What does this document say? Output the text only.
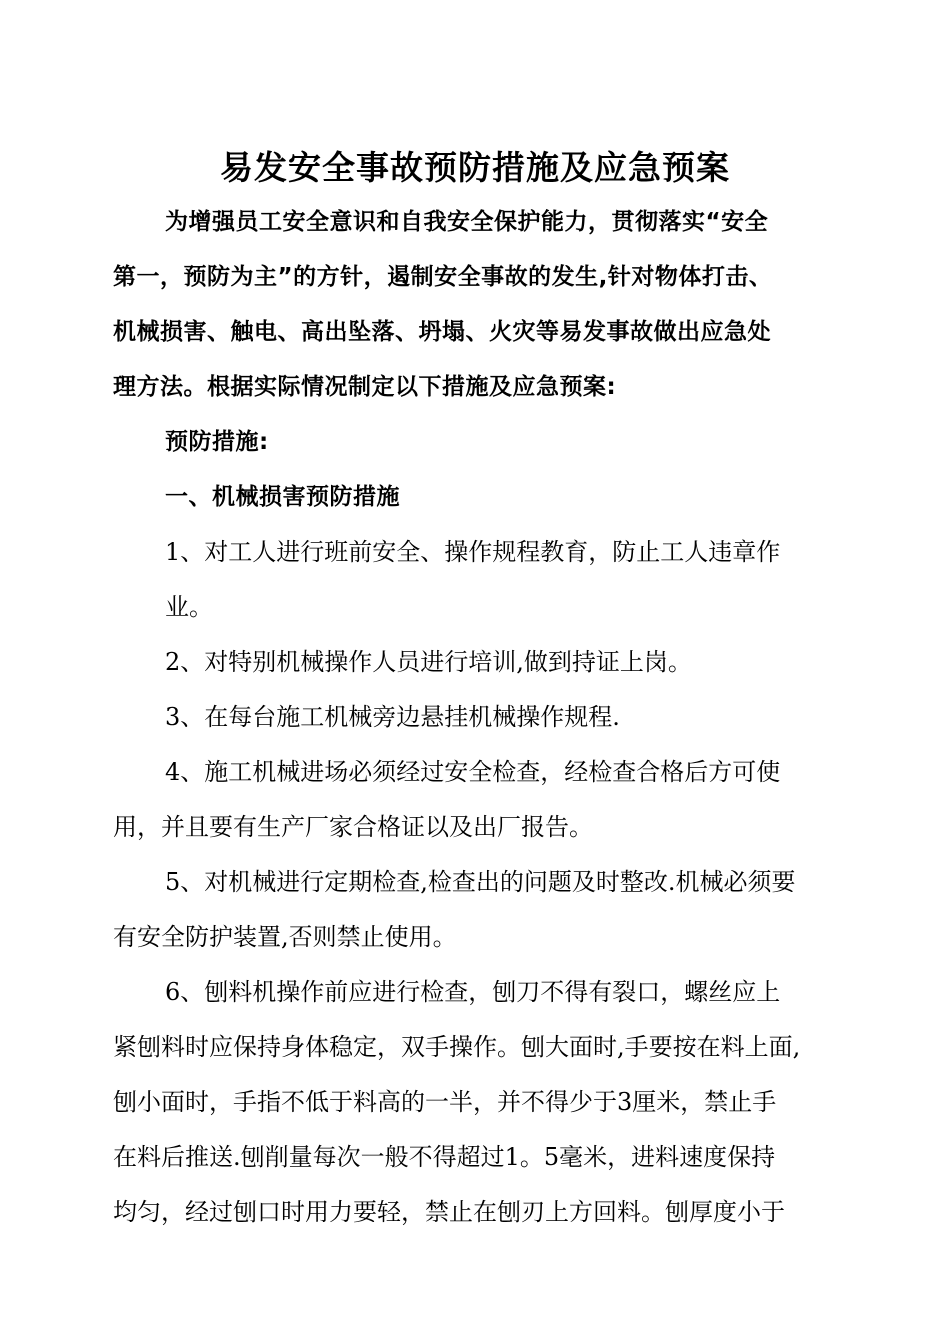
易发安全事故预防措施及应急预案
为增强员工安全意识和自我安全保护能力，贯彻落实“安全
第一，预防为主”的方针，遏制安全事故的发生,针对物体打击、
机械损害、触电、高出坠落、坍塌、火灾等易发事故做出应急处
理方法。根据实际情况制定以下措施及应急预案:
预防措施:
一、机械损害预防措施
1、对工人进行班前安全、操作规程教育，防止工人违章作
业。
2、对特别机械操作人员进行培训,做到持证上岗。
3、在每台施工机械旁边悬挂机械操作规程.
4、施工机械进场必须经过安全检查，经检查合格后方可使
用，并且要有生产厂家合格证以及出厂报告。
5、对机械进行定期检查,检查出的问题及时整改.机械必须要
有安全防护装置,否则禁止使用。
6、刨料机操作前应进行检查，刨刀不得有裂口，螺丝应上
紧刨料时应保持身体稳定，双手操作。刨大面时,手要按在料上面,
刨小面时，手指不低于料高的一半，并不得少于3厘米，禁止手
在料后推送.刨削量每次一般不得超过1。5毫米，进料速度保持
均匀，经过刨口时用力要轻，禁止在刨刃上方回料。刨厚度小于
